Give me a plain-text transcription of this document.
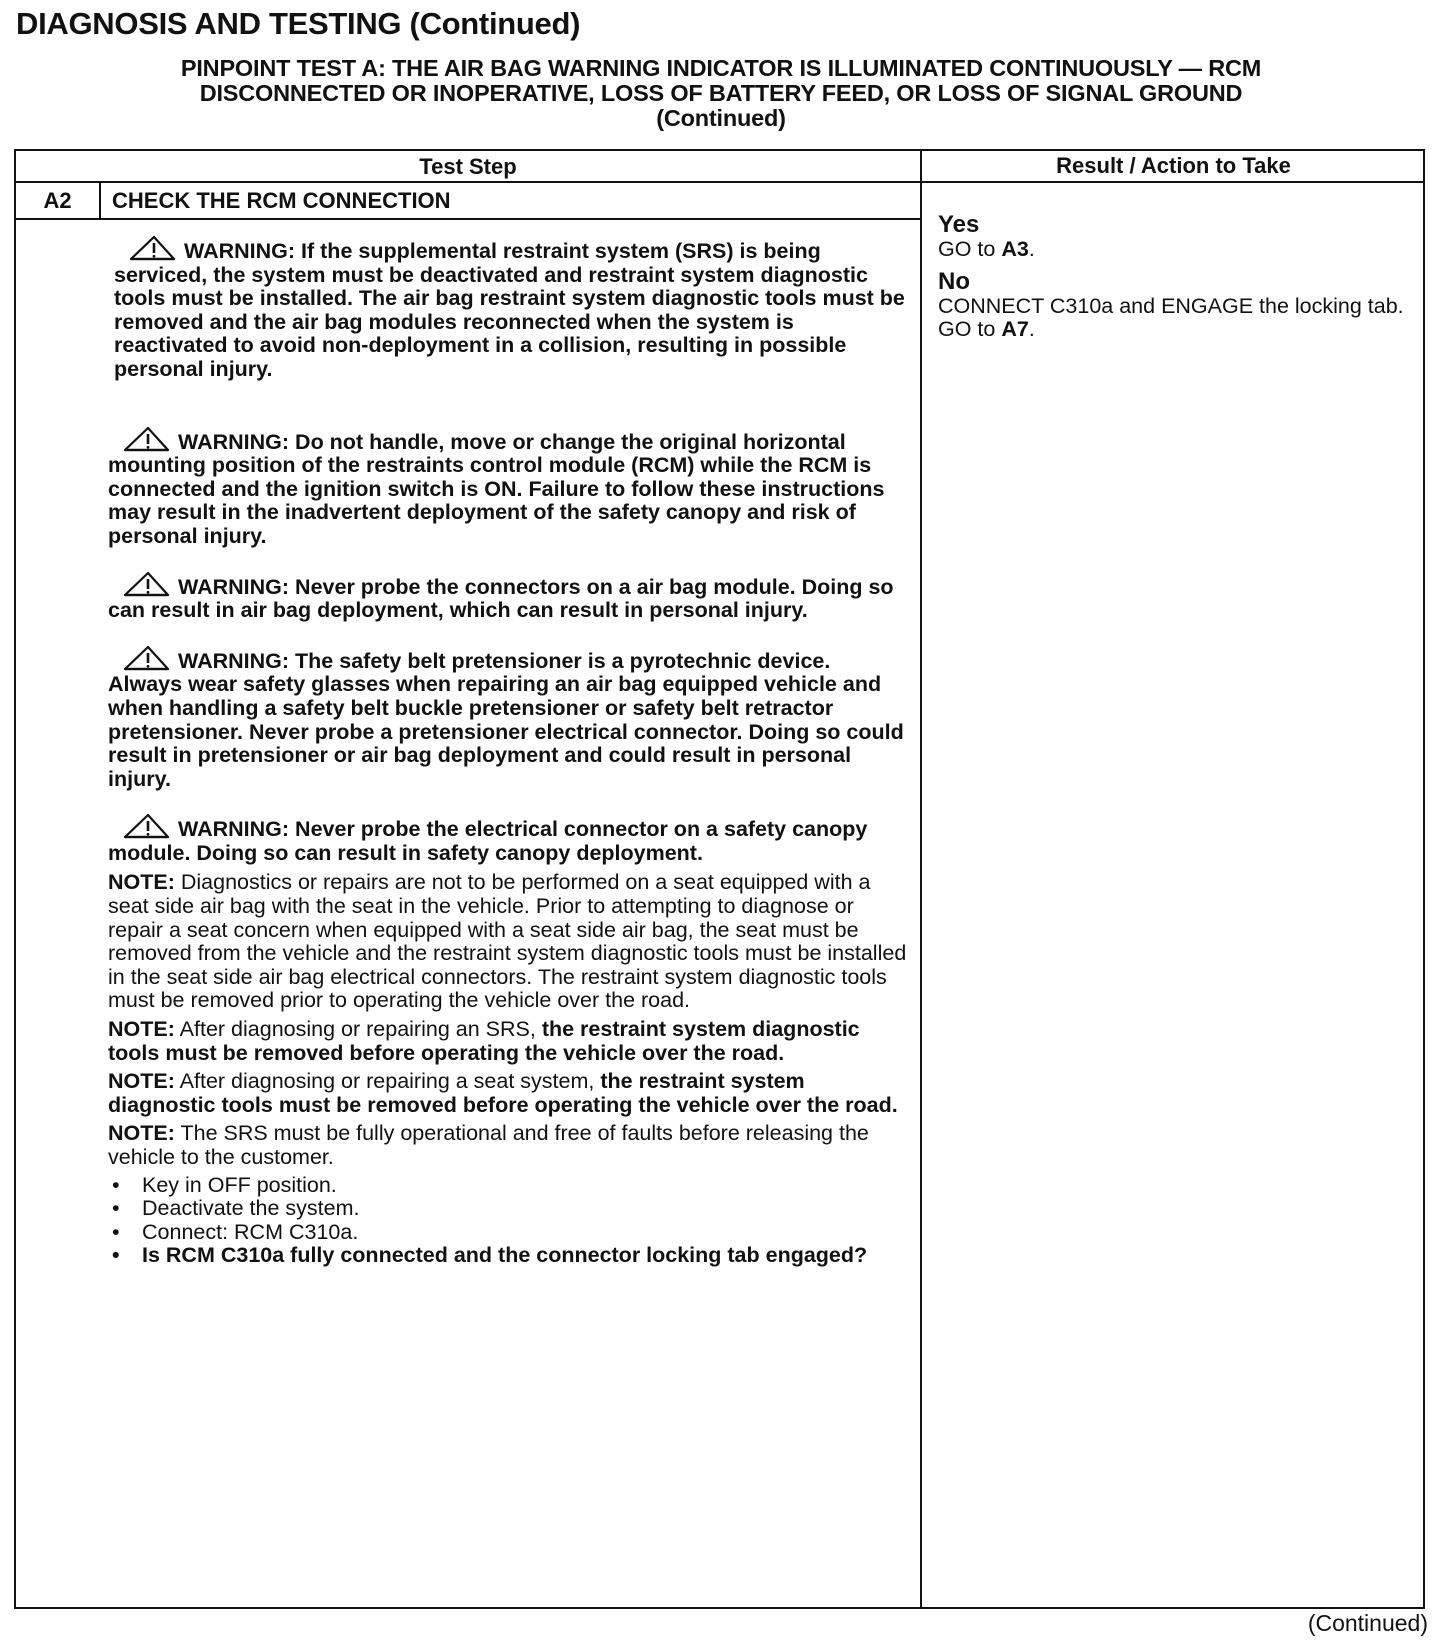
DIAGNOSIS AND TESTING (Continued)
PINPOINT TEST A: THE AIR BAG WARNING INDICATOR IS ILLUMINATED CONTINUOUSLY — RCM
DISCONNECTED OR INOPERATIVE, LOSS OF BATTERY FEED, OR LOSS OF SIGNAL GROUND
(Continued)
Test Step	Result / Action to Take
A2	CHECK THE RCM CONNECTION
WARNING: If the supplemental restraint system (SRS) is being serviced, the system must be deactivated and restraint system diagnostic tools must be installed. The air bag restraint system diagnostic tools must be removed and the air bag modules reconnected when the system is reactivated to avoid non-deployment in a collision, resulting in possible personal injury.
WARNING: Do not handle, move or change the original horizontal mounting position of the restraints control module (RCM) while the RCM is connected and the ignition switch is ON. Failure to follow these instructions may result in the inadvertent deployment of the safety canopy and risk of personal injury.
WARNING: Never probe the connectors on a air bag module. Doing so can result in air bag deployment, which can result in personal injury.
WARNING: The safety belt pretensioner is a pyrotechnic device. Always wear safety glasses when repairing an air bag equipped vehicle and when handling a safety belt buckle pretensioner or safety belt retractor pretensioner. Never probe a pretensioner electrical connector. Doing so could result in pretensioner or air bag deployment and could result in personal injury.
WARNING: Never probe the electrical connector on a safety canopy module. Doing so can result in safety canopy deployment.
NOTE: Diagnostics or repairs are not to be performed on a seat equipped with a seat side air bag with the seat in the vehicle. Prior to attempting to diagnose or repair a seat concern when equipped with a seat side air bag, the seat must be removed from the vehicle and the restraint system diagnostic tools must be installed in the seat side air bag electrical connectors. The restraint system diagnostic tools must be removed prior to operating the vehicle over the road.
NOTE: After diagnosing or repairing an SRS, the restraint system diagnostic tools must be removed before operating the vehicle over the road.
NOTE: After diagnosing or repairing a seat system, the restraint system diagnostic tools must be removed before operating the vehicle over the road.
NOTE: The SRS must be fully operational and free of faults before releasing the vehicle to the customer.
• Key in OFF position.
• Deactivate the system.
• Connect: RCM C310a.
• Is RCM C310a fully connected and the connector locking tab engaged?
Yes
GO to A3.
No
CONNECT C310a and ENGAGE the locking tab. GO to A7.
(Continued)
